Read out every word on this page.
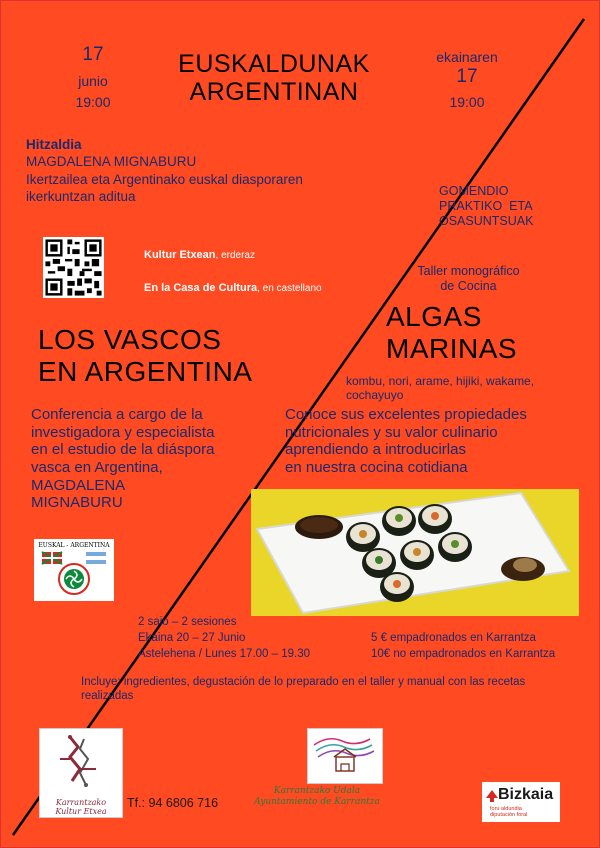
17
junio
19:00
EUSKALDUNAK
ARGENTINAN
ekainaren
17
19:00
Hitzaldia
MAGDALENA MIGNABURU
Ikertzailea eta Argentinako euskal diasporaren
ikerkuntzan aditua	GOMENDIO
PRAKTIKO  ETA
OSASUNTSUAK
Kultur Etxean, erderaz
En la Casa de Cultura, en castellano
Taller monográfico
de Cocina
ALGAS
MARINAS
LOS VASCOS
EN ARGENTINA	kombu, nori, arame, hijiki, wakame,
cochayuyo
Conferencia a cargo de la
investigadora y especialista
en el estudio de la diáspora
vasca en Argentina,
MAGDALENA
MIGNABURU
Conoce sus excelentes propiedades
nutricionales y su valor culinario
aprendiendo a introducirlas
en nuestra cocina cotidiana
EUSKAL - ARGENTINA
2 saio – 2 sesiones
Ekaina 20 – 27 Junio
Astelehena / Lunes 17.00 – 19.30
5 € empadronados en Karrantza
10€ no empadronados en Karrantza
Incluye: ingredientes, degustación de lo preparado en el taller y manual con las recetas
realizadas
Karrantzako
Kultur Etxea
Tf.: 94 6806 716
Karrantzako Udala
Ayuntamiento de Karrantza	Bizkaia
foru aldundia
diputación foral
